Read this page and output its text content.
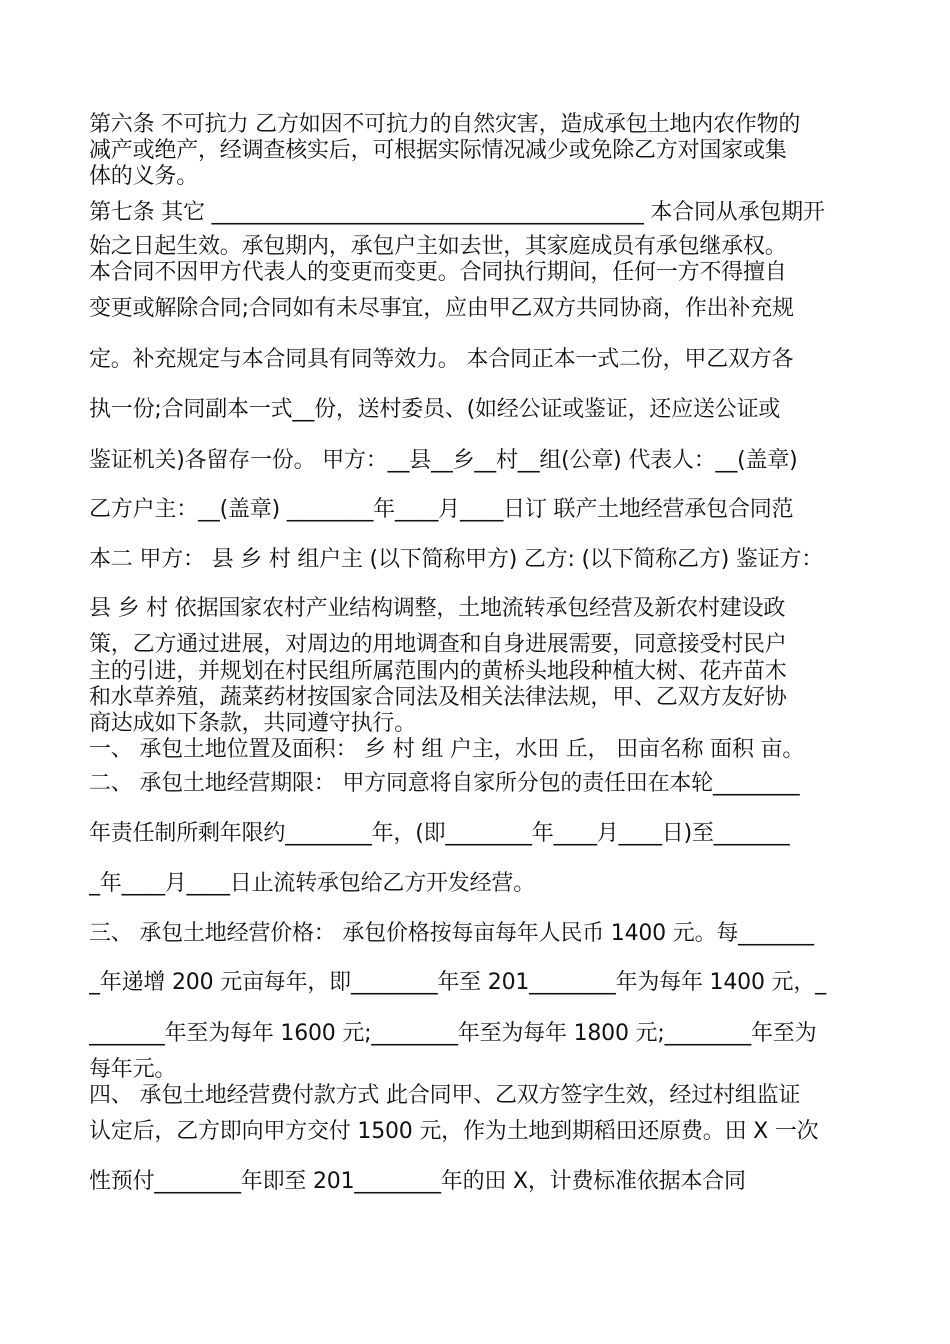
第六条 不可抗力 乙方如因不可抗力的自然灾害，造成承包土地内农作物的
减产或绝产，经调查核实后，可根据实际情况减少或免除乙方对国家或集
体的义务。
第七条 其它 ________________________________________ 本合同从承包期开
始之日起生效。承包期内，承包户主如去世，其家庭成员有承包继承权。
本合同不因甲方代表人的变更而变更。合同执行期间，任何一方不得擅自
变更或解除合同;合同如有未尽事宜，应由甲乙双方共同协商，作出补充规
定。补充规定与本合同具有同等效力。 本合同正本一式二份，甲乙双方各
执一份;合同副本一式__份，送村委员、(如经公证或鉴证，还应送公证或
鉴证机关)各留存一份。 甲方：__县__乡__村__组(公章) 代表人：__(盖章)
乙方户主：__(盖章) ________年____月____日订 联产土地经营承包合同范
本二 甲方： 县 乡 村 组户主 (以下简称甲方) 乙方: (以下简称乙方) 鉴证方：
县 乡 村 依据国家农村产业结构调整，土地流转承包经营及新农村建设政
策，乙方通过进展，对周边的用地调查和自身进展需要，同意接受村民户
主的引进，并规划在村民组所属范围内的黄桥头地段种植大树、花卉苗木
和水草养殖，蔬菜药材按国家合同法及相关法律法规，甲、乙双方友好协
商达成如下条款，共同遵守执行。
一、 承包土地位置及面积： 乡 村 组 户主，水田 丘， 田亩名称 面积 亩。
二、 承包土地经营期限： 甲方同意将自家所分包的责任田在本轮________
年责任制所剩年限约________年，(即________年____月____日)至_______
_年____月____日止流转承包给乙方开发经营。
三、 承包土地经营价格： 承包价格按每亩每年人民币 1400 元。每_______
_年递增 200 元亩每年，即________年至 201________年为每年 1400 元，_
_______年至为每年 1600 元;________年至为每年 1800 元;________年至为
每年元。
四、 承包土地经营费付款方式 此合同甲、乙双方签字生效，经过村组监证
认定后，乙方即向甲方交付 1500 元，作为土地到期稻田还原费。田 X 一次
性预付________年即至 201________年的田 X，计费标准依据本合同
